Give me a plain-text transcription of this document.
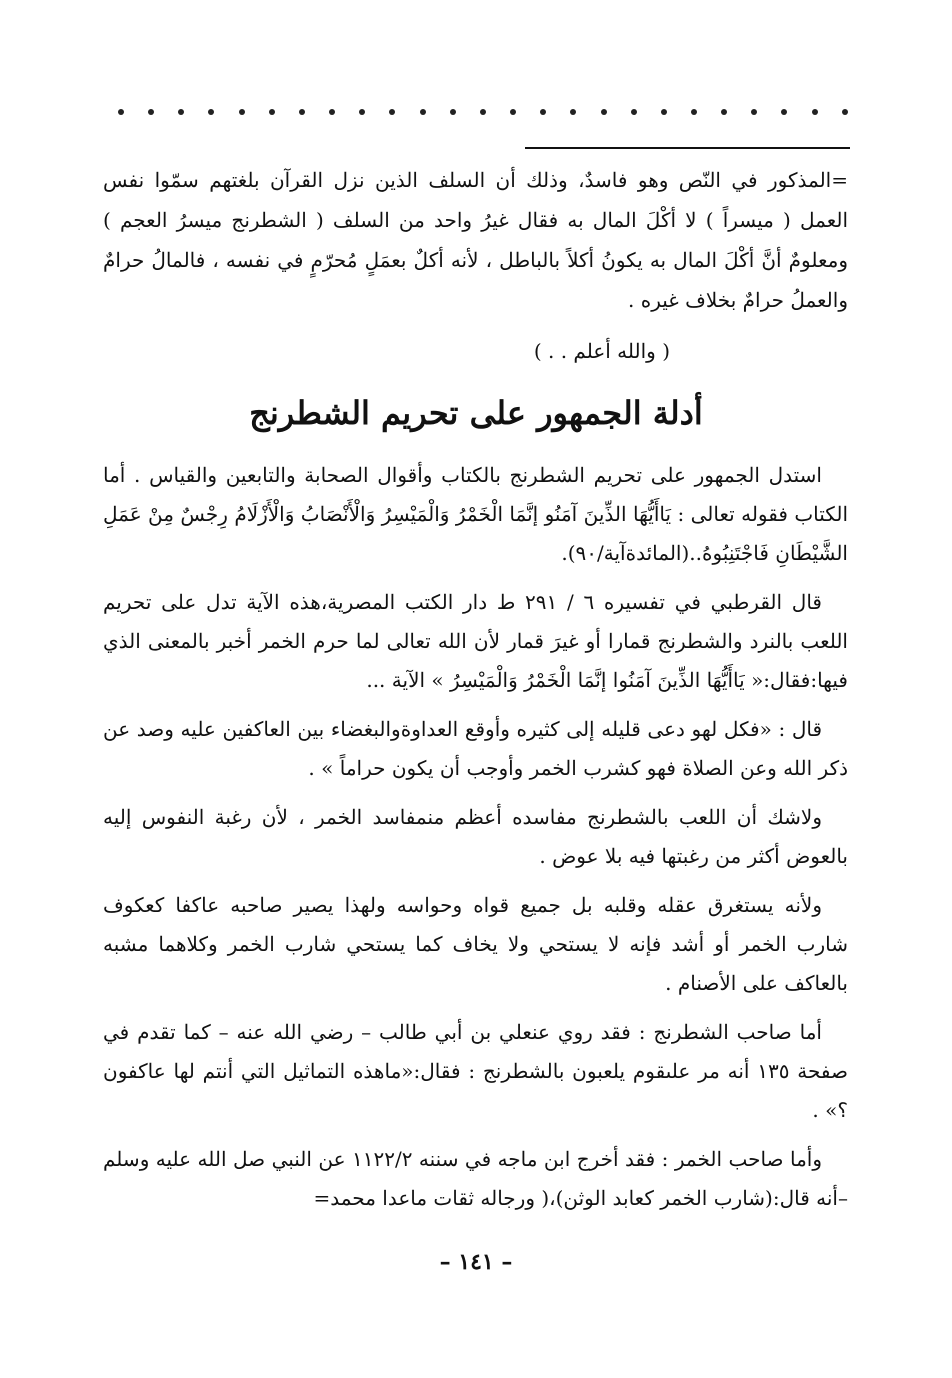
=المذكور في النّص وهو فاسدٌ، وذلك أن السلف الذين نزل القرآن بلغتهم سمّوا نفس العمل ( ميسراً ) لا أكْلَ المال به فقال غيرُ واحد من السلف ( الشطرنج ميسرُ العجم ) ومعلومٌ أنَّ أكْلَ المال به يكونُ أكلاً بالباطل ، لأنه أكلٌ بعمَلٍ مُحرّمٍ في نفسه ، فالمالُ حرامٌ والعملُ حرامٌ بخلاف غيره .

( والله أعلم . . )
أدلة الجمهور على تحريم الشطرنج

استدل الجمهور على تحريم الشطرنج بالكتاب وأقوال الصحابة والتابعين والقياس . أما الكتاب فقوله تعالى : يَاأَيُّهَا الذِّينَ آمَنُو إنَّمَا الْخَمْرُ وَالْمَيْسِرُ وَالْأَنْصَابُ وَالْأَزْلَامُ رِجْسٌ مِنْ عَمَلِ الشَّيْطَانِ فَاجْتَنِبُوهُ..(المائدةآية/٩٠).

قال القرطبي في تفسيره ٦ / ٢٩١ ط دار الكتب المصرية،هذه الآية تدل على تحريم اللعب بالنرد والشطرنج قمارا أو غيرَ قمار لأن الله تعالى لما حرم الخمر أخبر بالمعنى الذي فيها:فقال:« يَاأَيُّهَا الذِّينَ آمَنُوا إنَّمَا الْخَمْرُ وَالْمَيْسِرُ » الآية ...

قال : «فكل لهو دعى قليله إلى كثيره وأوقع العداوةوالبغضاء بين العاكفين عليه وصد عن ذكر الله وعن الصلاة فهو كشرب الخمر وأوجب أن يكون حراماً » .

ولاشك أن اللعب بالشطرنج مفاسده أعظم منمفاسد الخمر ، لأن رغبة النفوس إليه بالعوض أكثر من رغبتها فيه بلا عوض .

ولأنه يستغرق عقله وقلبه بل جميع قواه وحواسه ولهذا يصير صاحبه عاكفا كعكوف شارب الخمر أو أشد فإنه لا يستحي ولا يخاف كما يستحي شارب الخمر وكلاهما مشبه بالعاكف على الأصنام .

أما صاحب الشطرنج : فقد روي عنعلي بن أبي طالب – رضي الله عنه – كما تقدم في صفحة ١٣٥ أنه مر علىقوم يلعبون بالشطرنج : فقال:«ماهذه التماثيل التي أنتم لها عاكفون ؟» .

وأما صاحب الخمر : فقد أخرج ابن ماجه في سننه ١١٢٢/٢ عن النبي صل الله عليه وسلم –أنه قال:(شارب الخمر كعابد الوثن)،( ورجاله ثقات ماعدا محمد=

– ١٤١ –
